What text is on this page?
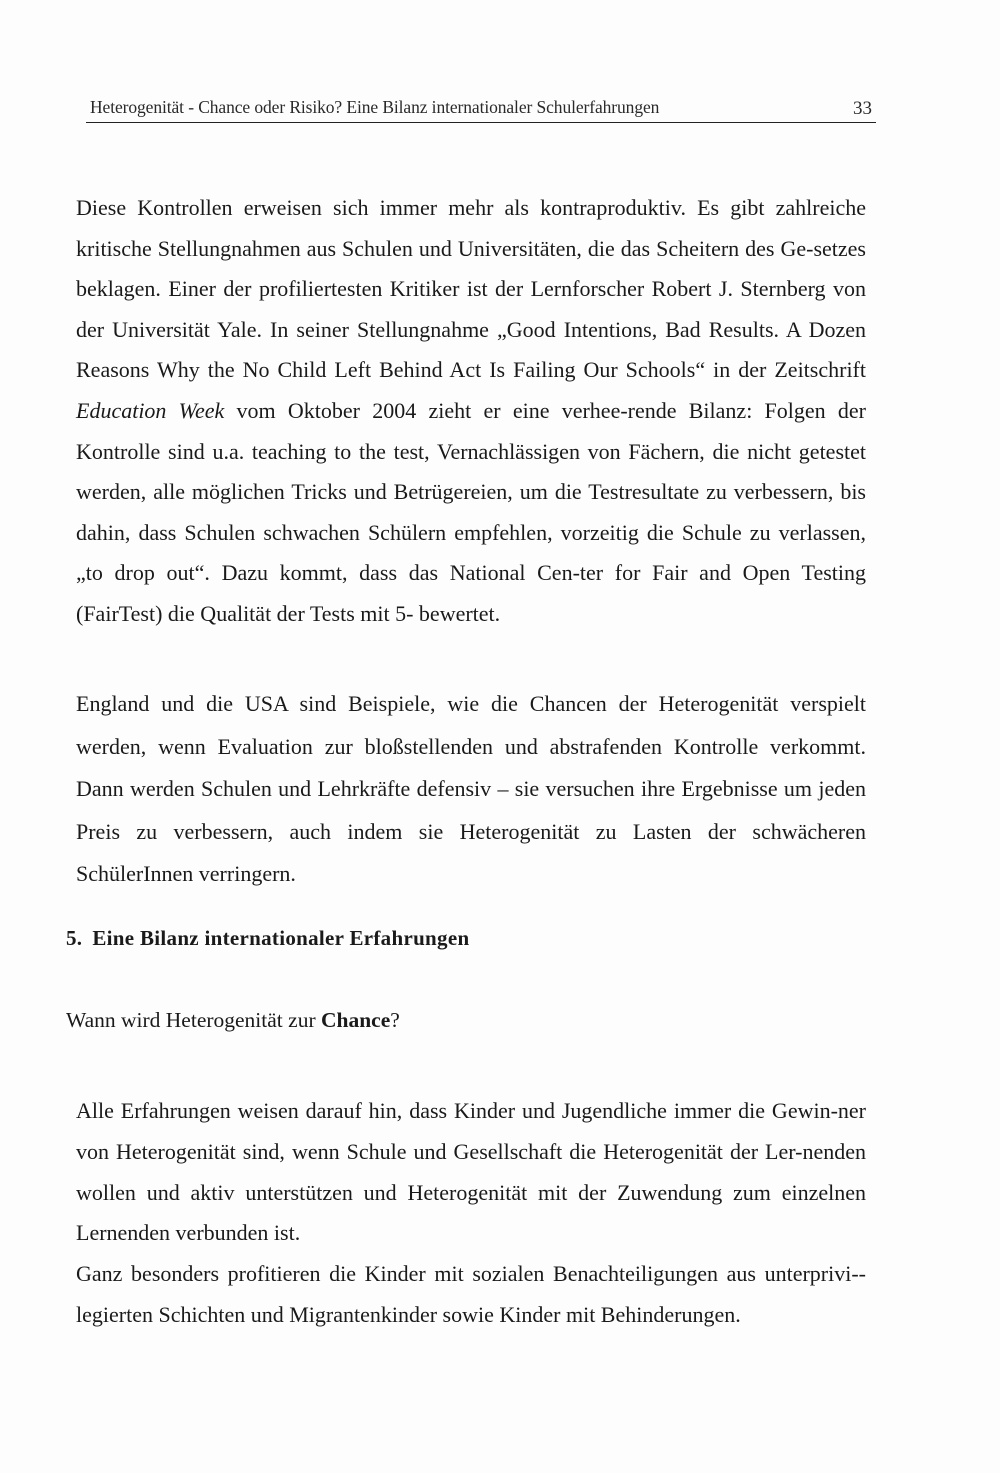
Heterogenität - Chance oder Risiko? Eine Bilanz internationaler Schulerfahrungen	33

Diese Kontrollen erweisen sich immer mehr als kontraproduktiv. Es gibt zahlreiche kritische Stellungnahmen aus Schulen und Universitäten, die das Scheitern des Ge-setzes beklagen. Einer der profiliertesten Kritiker ist der Lernforscher Robert J. Sternberg von der Universität Yale. In seiner Stellungnahme „Good Intentions, Bad Results. A Dozen Reasons Why the No Child Left Behind Act Is Failing Our Schools“ in der Zeitschrift Education Week vom Oktober 2004 zieht er eine verhee-rende Bilanz: Folgen der Kontrolle sind u.a. teaching to the test, Vernachlässigen von Fächern, die nicht getestet werden, alle möglichen Tricks und Betrügereien, um die Testresultate zu verbessern, bis dahin, dass Schulen schwachen Schülern empfehlen, vorzeitig die Schule zu verlassen, „to drop out“. Dazu kommt, dass das National Cen-ter for Fair and Open Testing (FairTest) die Qualität der Tests mit 5- bewertet.

England und die USA sind Beispiele, wie die Chancen der Heterogenität verspielt werden, wenn Evaluation zur bloßstellenden und abstrafenden Kontrolle verkommt. Dann werden Schulen und Lehrkräfte defensiv – sie versuchen ihre Ergebnisse um jeden Preis zu verbessern, auch indem sie Heterogenität zu Lasten der schwächeren SchülerInnen verringern.

5. Eine Bilanz internationaler Erfahrungen

Wann wird Heterogenität zur Chance?

Alle Erfahrungen weisen darauf hin, dass Kinder und Jugendliche immer die Gewin-ner von Heterogenität sind, wenn Schule und Gesellschaft die Heterogenität der Ler-nenden wollen und aktiv unterstützen und Heterogenität mit der Zuwendung zum einzelnen Lernenden verbunden ist.

Ganz besonders profitieren die Kinder mit sozialen Benachteiligungen aus unterprivi-legierten Schichten und Migrantenkinder sowie Kinder mit Behinderungen.
